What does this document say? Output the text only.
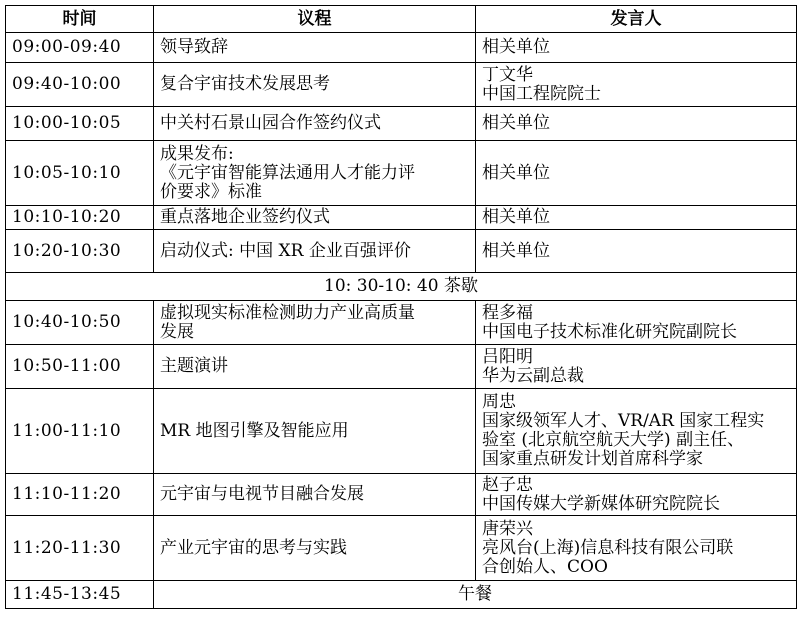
时间	议程	发言人
09:00-09:40	领导致辞	相关单位

09:40-10:00	复合宇宙技术发展思考	丁文华
中国工程院院士

10:00-10:05	中关村石景山园合作签约仪式	相关单位

10:05-10:10	成果发布:
《元宇宙智能算法通用人才能力评
价要求》标准	相关单位

10:10-10:20	重点落地企业签约仪式	相关单位

10:20-10:30	启动仪式: 中国 XR 企业百强评价	相关单位

10: 30-10: 40 茶歇		
10:40-10:50	虚拟现实标准检测助力产业高质量
发展	程多福
中国电子技术标准化研究院副院长

10:50-11:00	主题演讲	吕阳明
华为云副总裁

11:00-11:10	MR 地图引擎及智能应用	周忠
国家级领军人才、VR/AR 国家工程实
验室 (北京航空航天大学) 副主任、
国家重点研发计划首席科学家

11:10-11:20	元宇宙与电视节目融合发展	赵子忠
中国传媒大学新媒体研究院院长

11:20-11:30	产业元宇宙的思考与实践	唐荣兴
亮风台(上海)信息科技有限公司联
合创始人、COO

11:45-13:45	午餐	
